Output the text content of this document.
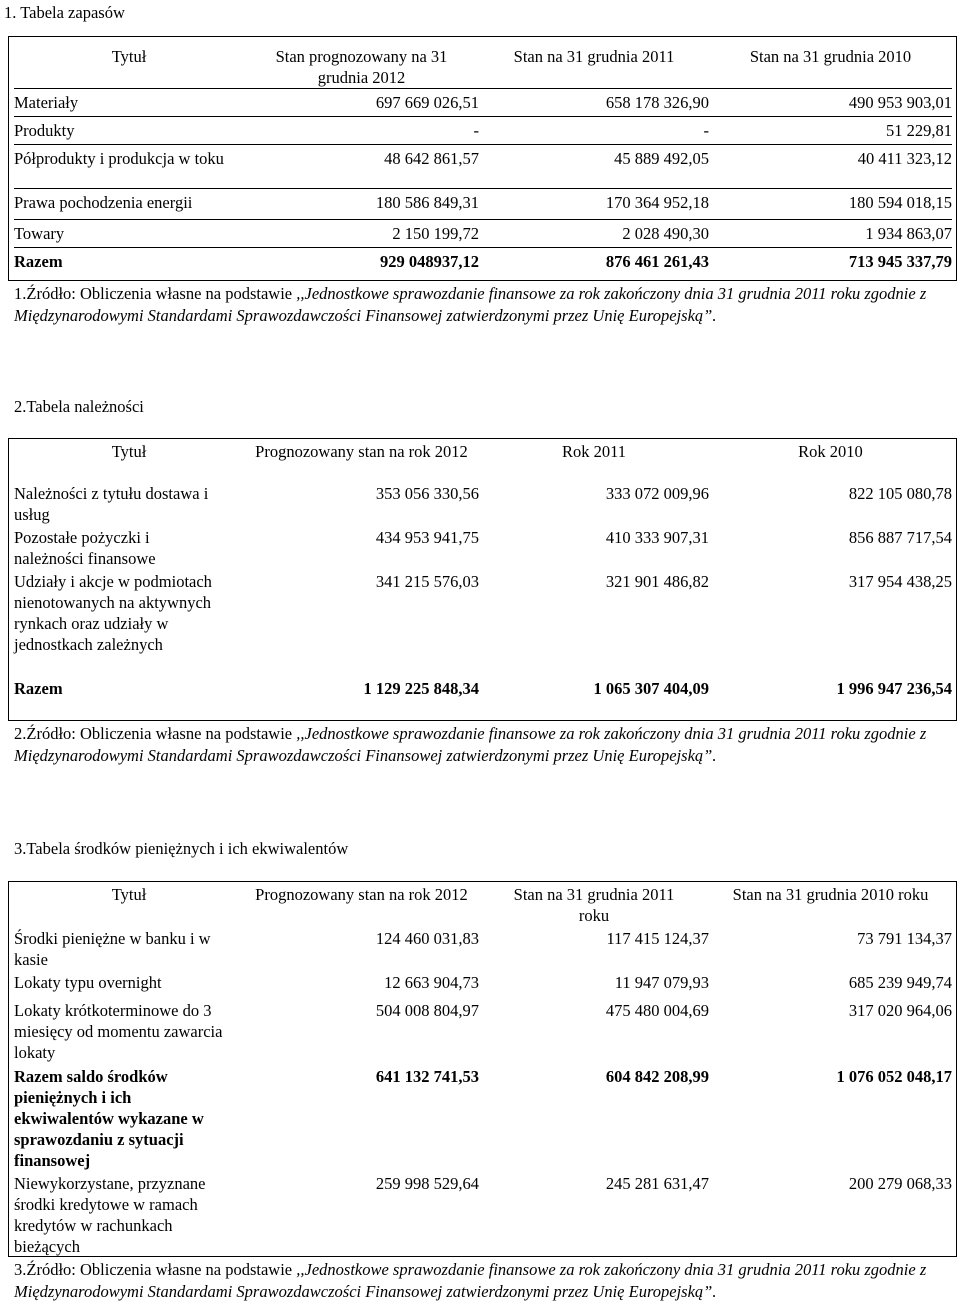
1. Tabela zapasów
Tytuł	Stan prognozowany na 31 grudnia 2012	Stan na 31 grudnia 2011	Stan na 31 grudnia 2010
Materiały	697 669 026,51	658 178 326,90	490 953 903,01
Produkty	-	-	51 229,81
Półprodukty i produkcja w toku	48 642 861,57	45 889 492,05	40 411 323,12
Prawa pochodzenia energii	180 586 849,31	170 364 952,18	180 594 018,15
Towary	2 150 199,72	2 028 490,30	1 934 863,07
Razem	929 048937,12	876 461 261,43	713 945 337,79
1.Źródło: Obliczenia własne na podstawie ,,Jednostkowe sprawozdanie finansowe za rok zakończony dnia 31 grudnia 2011 roku zgodnie z Międzynarodowymi Standardami Sprawozdawczości Finansowej zatwierdzonymi przez Unię Europejską”.
2.Tabela należności
Tytuł	Prognozowany stan na rok 2012	Rok 2011	Rok 2010
Należności z tytułu dostawa i usług	353 056 330,56	333 072 009,96	822 105 080,78
Pozostałe pożyczki i należności finansowe	434 953 941,75	410 333 907,31	856 887 717,54
Udziały i akcje w podmiotach nienotowanych na aktywnych rynkach oraz udziały w jednostkach zależnych	341 215 576,03	321 901 486,82	317 954 438,25
Razem	1 129 225 848,34	1 065 307 404,09	1 996 947 236,54
2.Źródło: Obliczenia własne na podstawie ,,Jednostkowe sprawozdanie finansowe za rok zakończony dnia 31 grudnia 2011 roku zgodnie z Międzynarodowymi Standardami Sprawozdawczości Finansowej zatwierdzonymi przez Unię Europejską”.
3.Tabela środków pieniężnych i ich ekwiwalentów
Tytuł	Prognozowany stan na rok 2012	Stan na 31 grudnia 2011 roku	Stan na 31 grudnia 2010 roku
Środki pieniężne w banku i w kasie	124 460 031,83	117 415 124,37	73 791 134,37
Lokaty typu overnight	12 663 904,73	11 947 079,93	685 239 949,74
Lokaty krótkoterminowe do 3 miesięcy od momentu zawarcia lokaty	504 008 804,97	475 480 004,69	317 020 964,06
Razem saldo środków pieniężnych i ich ekwiwalentów wykazane w sprawozdaniu z sytuacji finansowej	641 132 741,53	604 842 208,99	1 076 052 048,17
Niewykorzystane, przyznane środki kredytowe w ramach kredytów w rachunkach bieżących	259 998 529,64	245 281 631,47	200 279 068,33
3.Źródło: Obliczenia własne na podstawie ,,Jednostkowe sprawozdanie finansowe za rok zakończony dnia 31 grudnia 2011 roku zgodnie z Międzynarodowymi Standardami Sprawozdawczości Finansowej zatwierdzonymi przez Unię Europejską”.
